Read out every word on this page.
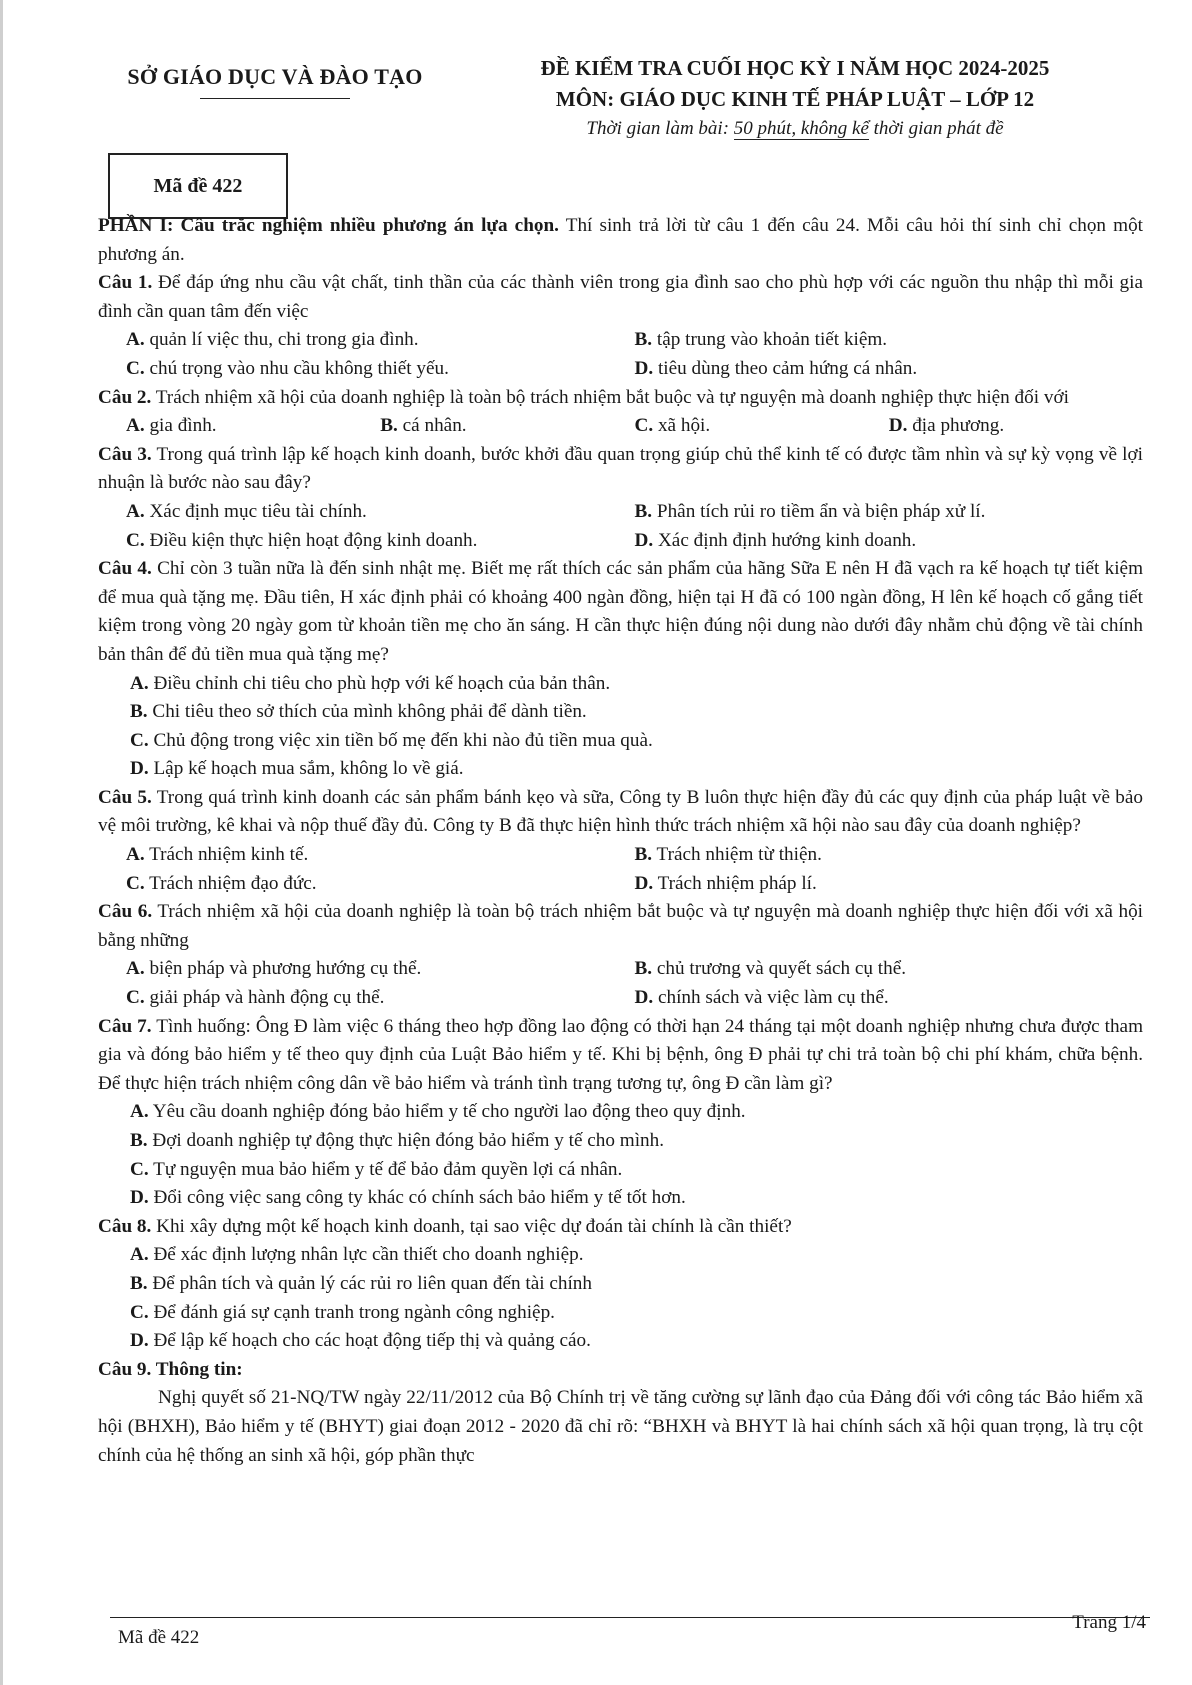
SỞ GIÁO DỤC VÀ ĐÀO TẠO	ĐỀ KIỂM TRA CUỐI HỌC KỲ I NĂM HỌC 2024-2025
MÔN: GIÁO DỤC KINH TẾ PHÁP LUẬT – LỚP 12
Thời gian làm bài: 50 phút, không kể thời gian phát đề
Mã đề 422

PHẦN I: Câu trắc nghiệm nhiều phương án lựa chọn. Thí sinh trả lời từ câu 1 đến câu 24. Mỗi câu hỏi thí sinh chỉ chọn một phương án.

Câu 1. Để đáp ứng nhu cầu vật chất, tinh thần của các thành viên trong gia đình sao cho phù hợp với các nguồn thu nhập thì mỗi gia đình cần quan tâm đến việc

A. quản lí việc thu, chi trong gia đình.	B. tập trung vào khoản tiết kiệm.
C. chú trọng vào nhu cầu không thiết yếu.	D. tiêu dùng theo cảm hứng cá nhân.

Câu 2. Trách nhiệm xã hội của doanh nghiệp là toàn bộ trách nhiệm bắt buộc và tự nguyện mà doanh nghiệp thực hiện đối với

A. gia đình.	B. cá nhân.	C. xã hội.	D. địa phương.

Câu 3. Trong quá trình lập kế hoạch kinh doanh, bước khởi đầu quan trọng giúp chủ thể kinh tế có được tầm nhìn và sự kỳ vọng về lợi nhuận là bước nào sau đây?

A. Xác định mục tiêu tài chính.	B. Phân tích rủi ro tiềm ẩn và biện pháp xử lí.
C. Điều kiện thực hiện hoạt động kinh doanh.	D. Xác định định hướng kinh doanh.

Câu 4. Chỉ còn 3 tuần nữa là đến sinh nhật mẹ. Biết mẹ rất thích các sản phẩm của hãng Sữa E nên H đã vạch ra kế hoạch tự tiết kiệm để mua quà tặng mẹ. Đầu tiên, H xác định phải có khoảng 400 ngàn đồng, hiện tại H đã có 100 ngàn đồng, H lên kế hoạch cố gắng tiết kiệm trong vòng 20 ngày gom từ khoản tiền mẹ cho ăn sáng. H cần thực hiện đúng nội dung nào dưới đây nhằm chủ động về tài chính bản thân để đủ tiền mua quà tặng mẹ?

A. Điều chỉnh chi tiêu cho phù hợp với kế hoạch của bản thân.
B. Chi tiêu theo sở thích của mình không phải để dành tiền.
C. Chủ động trong việc xin tiền bố mẹ đến khi nào đủ tiền mua quà.
D. Lập kế hoạch mua sắm, không lo về giá.

Câu 5. Trong quá trình kinh doanh các sản phẩm bánh kẹo và sữa, Công ty B luôn thực hiện đầy đủ các quy định của pháp luật về bảo vệ môi trường, kê khai và nộp thuế đầy đủ. Công ty B đã thực hiện hình thức trách nhiệm xã hội nào sau đây của doanh nghiệp?

A. Trách nhiệm kinh tế.	B. Trách nhiệm từ thiện.
C. Trách nhiệm đạo đức.	D. Trách nhiệm pháp lí.

Câu 6. Trách nhiệm xã hội của doanh nghiệp là toàn bộ trách nhiệm bắt buộc và tự nguyện mà doanh nghiệp thực hiện đối với xã hội bằng những

A. biện pháp và phương hướng cụ thể.	B. chủ trương và quyết sách cụ thể.
C. giải pháp và hành động cụ thể.	D. chính sách và việc làm cụ thể.

Câu 7. Tình huống: Ông Đ làm việc 6 tháng theo hợp đồng lao động có thời hạn 24 tháng tại một doanh nghiệp nhưng chưa được tham gia và đóng bảo hiểm y tế theo quy định của Luật Bảo hiểm y tế. Khi bị bệnh, ông Đ phải tự chi trả toàn bộ chi phí khám, chữa bệnh. Để thực hiện trách nhiệm công dân về bảo hiểm và tránh tình trạng tương tự, ông Đ cần làm gì?

A. Yêu cầu doanh nghiệp đóng bảo hiểm y tế cho người lao động theo quy định.
B. Đợi doanh nghiệp tự động thực hiện đóng bảo hiểm y tế cho mình.
C. Tự nguyện mua bảo hiểm y tế để bảo đảm quyền lợi cá nhân.
D. Đổi công việc sang công ty khác có chính sách bảo hiểm y tế tốt hơn.

Câu 8. Khi xây dựng một kế hoạch kinh doanh, tại sao việc dự đoán tài chính là cần thiết?

A. Để xác định lượng nhân lực cần thiết cho doanh nghiệp.
B. Để phân tích và quản lý các rủi ro liên quan đến tài chính
C. Để đánh giá sự cạnh tranh trong ngành công nghiệp.
D. Để lập kế hoạch cho các hoạt động tiếp thị và quảng cáo.

Câu 9. Thông tin:

Nghị quyết số 21-NQ/TW ngày 22/11/2012 của Bộ Chính trị về tăng cường sự lãnh đạo của Đảng đối với công tác Bảo hiểm xã hội (BHXH), Bảo hiểm y tế (BHYT) giai đoạn 2012 - 2020 đã chỉ rõ: “BHXH và BHYT là hai chính sách xã hội quan trọng, là trụ cột chính của hệ thống an sinh xã hội, góp phần thực

Mã đề 422
Trang 1/4
